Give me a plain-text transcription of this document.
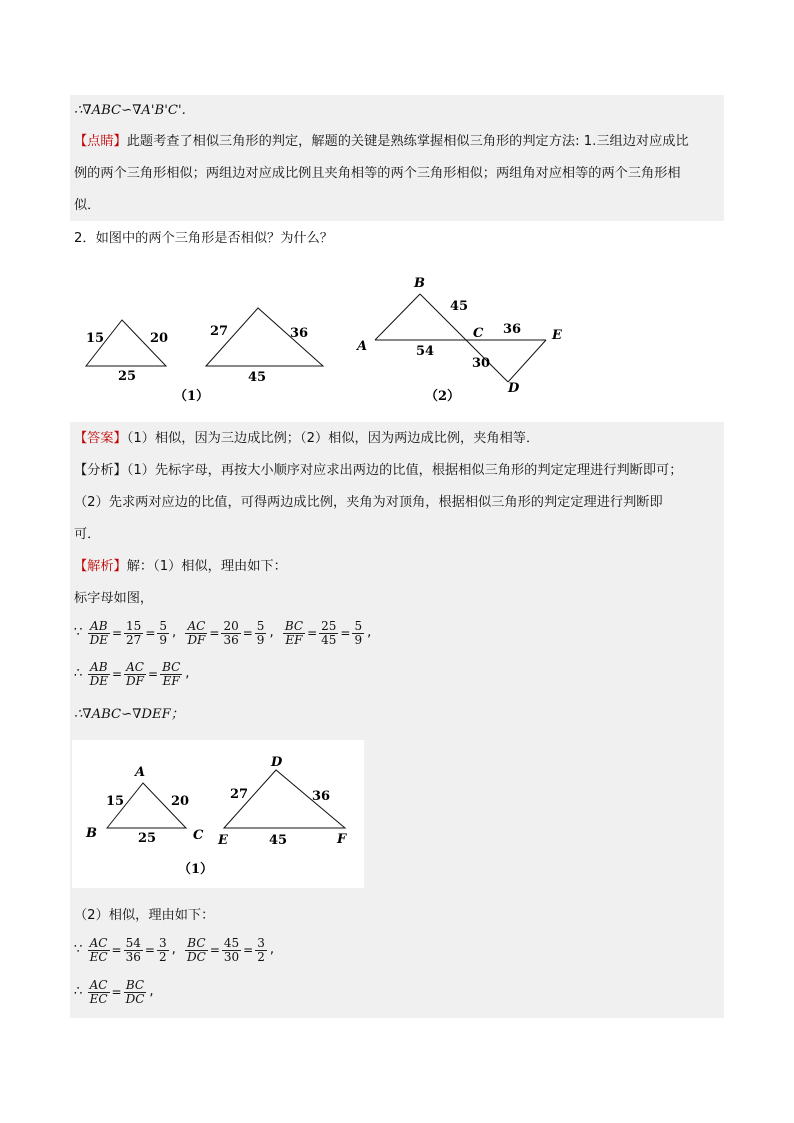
∴∇ABC∽∇A'B'C'.
【点睛】此题考查了相似三角形的判定，解题的关键是熟练掌握相似三角形的判定方法: 1.三组边对应成比
例的两个三角形相似；两组边对应成比例且夹角相等的两个三角形相似；两组角对应相等的两个三角形相
似．
2．如图中的两个三角形是否相似？为什么？
15	20
25
27	36
45
（1）
A
B
C	E
D
45
36
54
30
（2）
【答案】（1）相似，因为三边成比例；（2）相似，因为两边成比例，夹角相等．
【分析】（1）先标字母，再按大小顺序对应求出两边的比值，根据相似三角形的判定定理进行判断即可；
（2）先求两对应边的比值，可得两边成比例，夹角为对顶角，根据相似三角形的判定定理进行判断即
可．
【解析】解：（1）相似，理由如下：
标字母如图，
∵ $\frac{AB}{DE} = \frac{15}{27} = \frac{5}{9}$ , $\frac{AC}{DF} = \frac{20}{36} = \frac{5}{9}$ , $\frac{BC}{EF} = \frac{25}{45} = \frac{5}{9}$ ,
∴ $\frac{AB}{DE} = \frac{AC}{DF} = \frac{BC}{EF}$ ,
∴∇ABC∽∇DEF；
A
B	C
D
E	F
15	20
25
27	36
45
（1）
（2）相似，理由如下：
∵ $\frac{AC}{EC} = \frac{54}{36} = \frac{3}{2}$ , $\frac{BC}{DC} = \frac{45}{30} = \frac{3}{2}$ ,
∴ $\frac{AC}{EC} = \frac{BC}{DC}$ ,
